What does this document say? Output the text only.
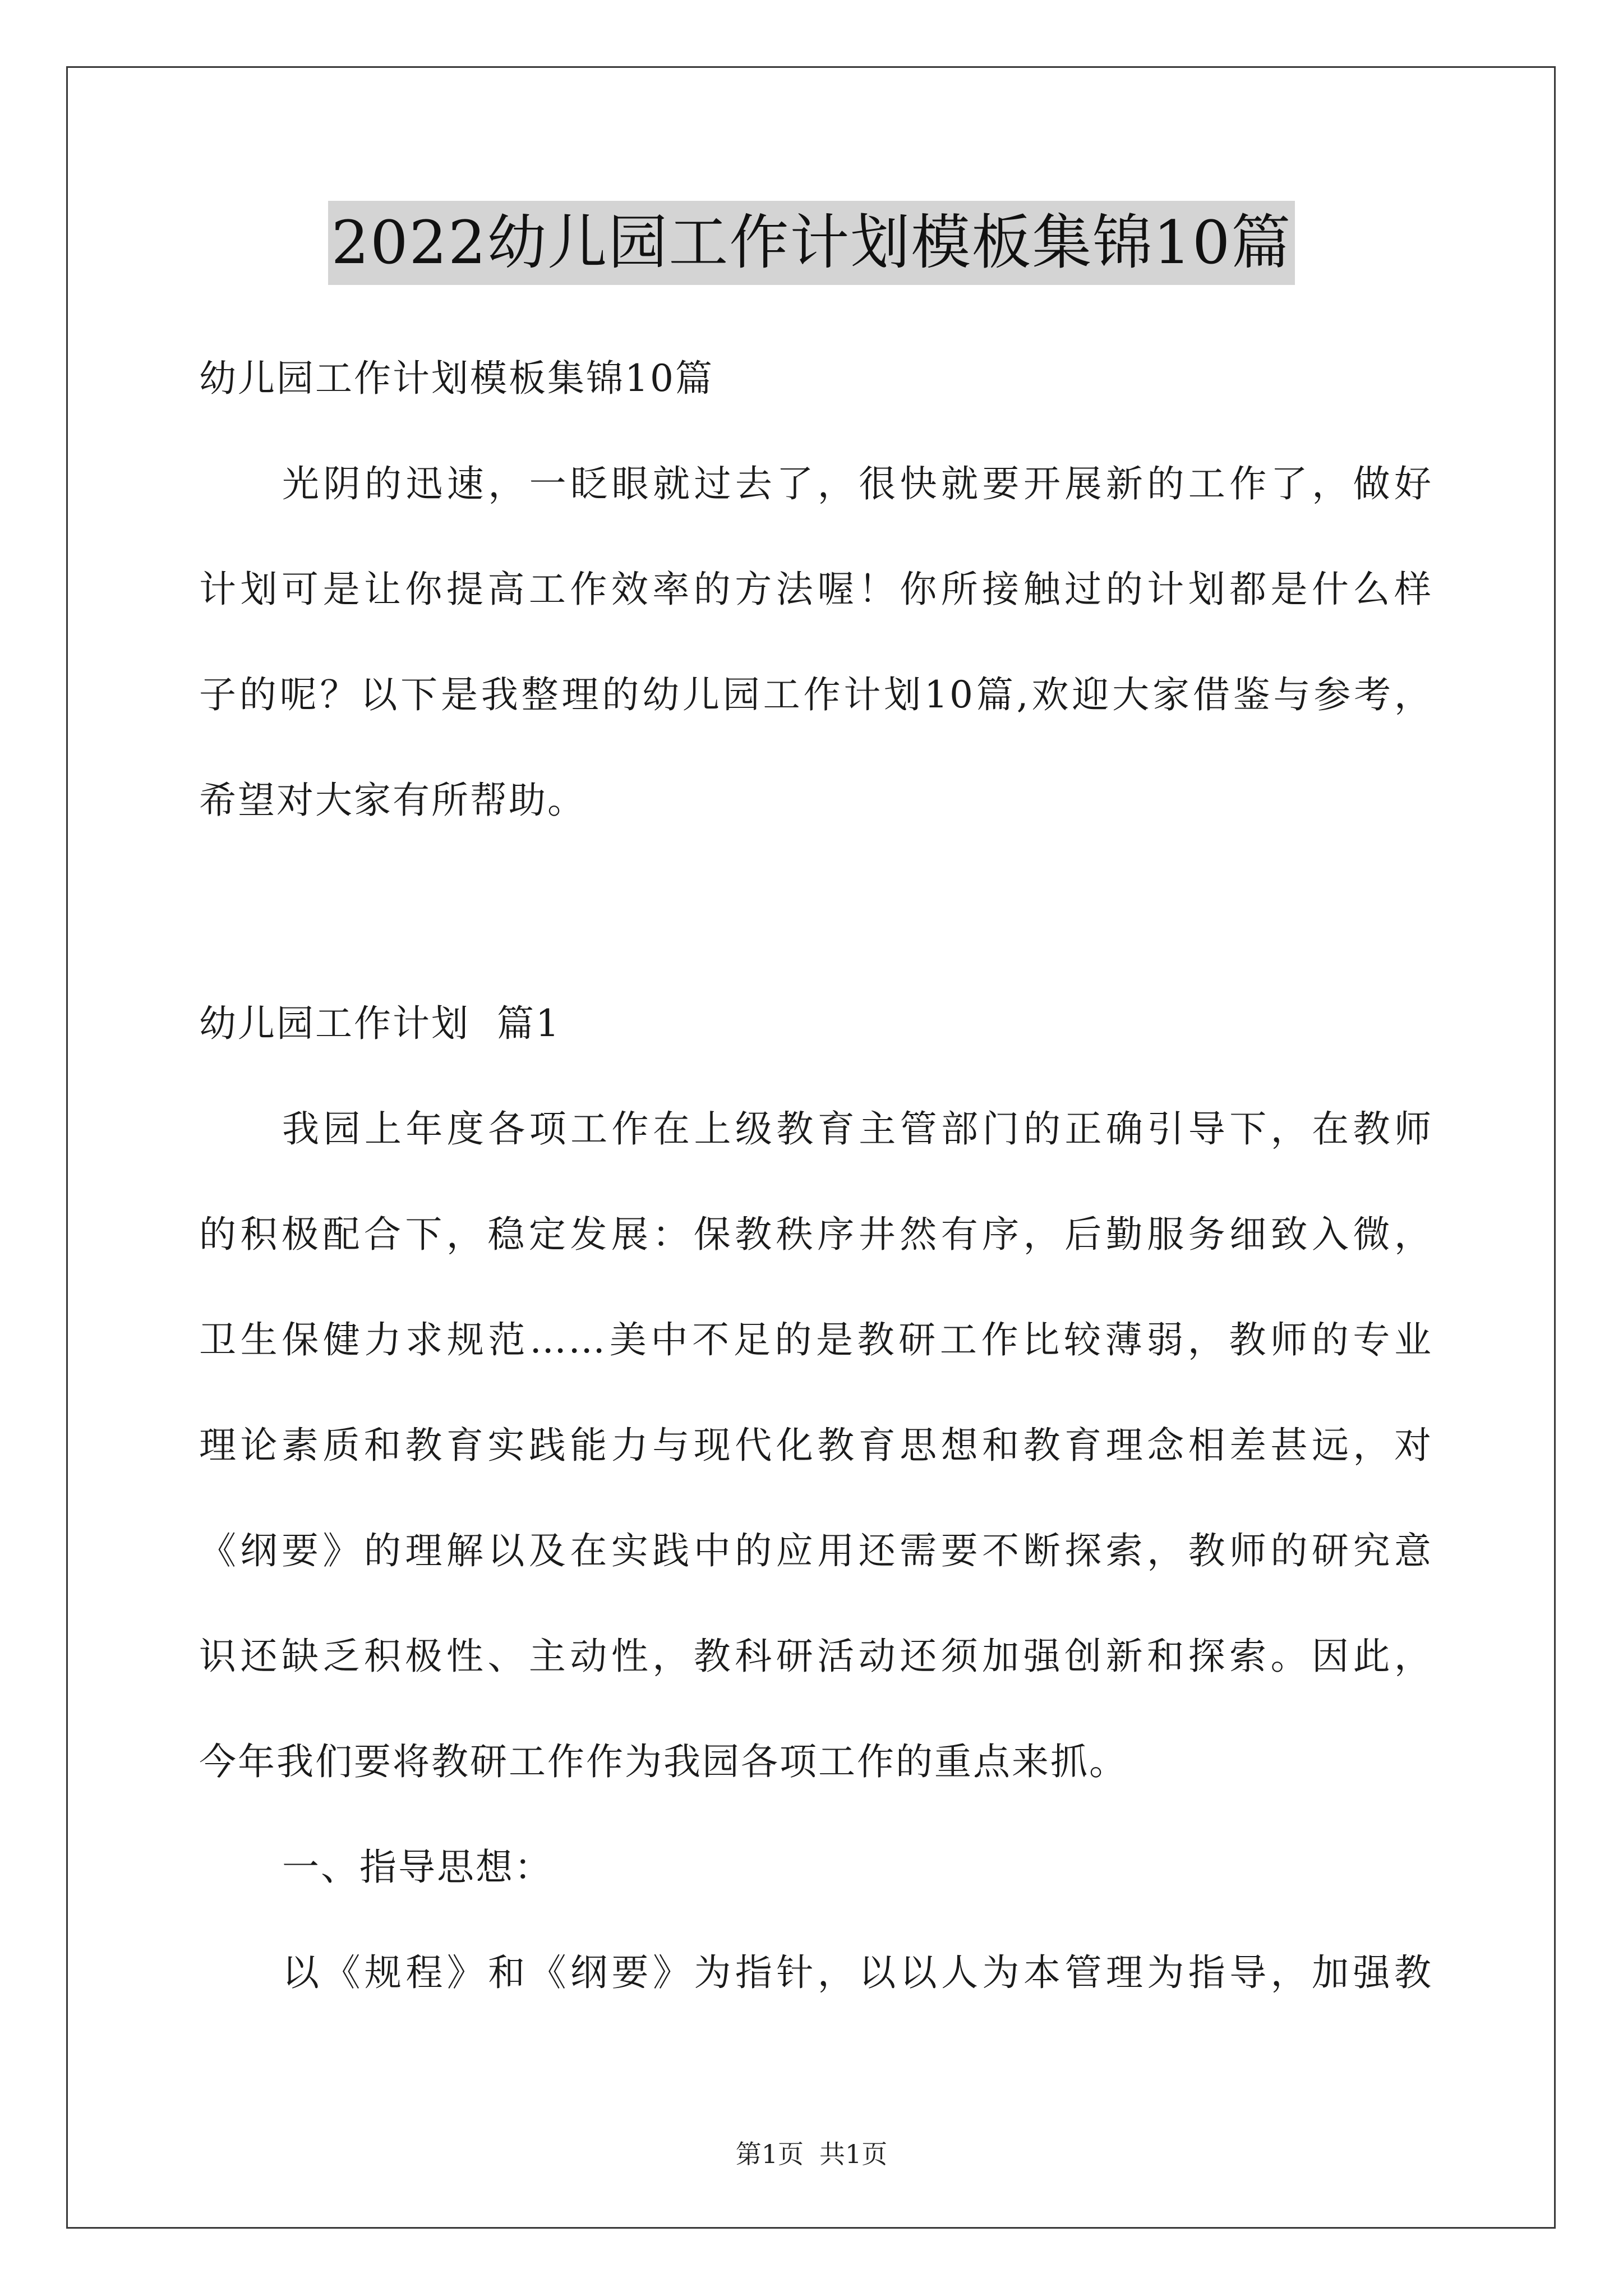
2022幼儿园工作计划模板集锦10篇
幼儿园工作计划模板集锦10篇
光阴的迅速，一眨眼就过去了，很快就要开展新的工作了，做好
计划可是让你提高工作效率的方法喔！你所接触过的计划都是什么样
子的呢？以下是我整理的幼儿园工作计划10篇,欢迎大家借鉴与参考，
希望对大家有所帮助。
幼儿园工作计划  篇1
我园上年度各项工作在上级教育主管部门的正确引导下，在教师
的积极配合下，稳定发展：保教秩序井然有序，后勤服务细致入微，
卫生保健力求规范……美中不足的是教研工作比较薄弱，教师的专业
理论素质和教育实践能力与现代化教育思想和教育理念相差甚远，对
《纲要》的理解以及在实践中的应用还需要不断探索，教师的研究意
识还缺乏积极性、主动性，教科研活动还须加强创新和探索。因此，
今年我们要将教研工作作为我园各项工作的重点来抓。
一、指导思想：
以《规程》和《纲要》为指针，以以人为本管理为指导，加强教
第1页 共1页
